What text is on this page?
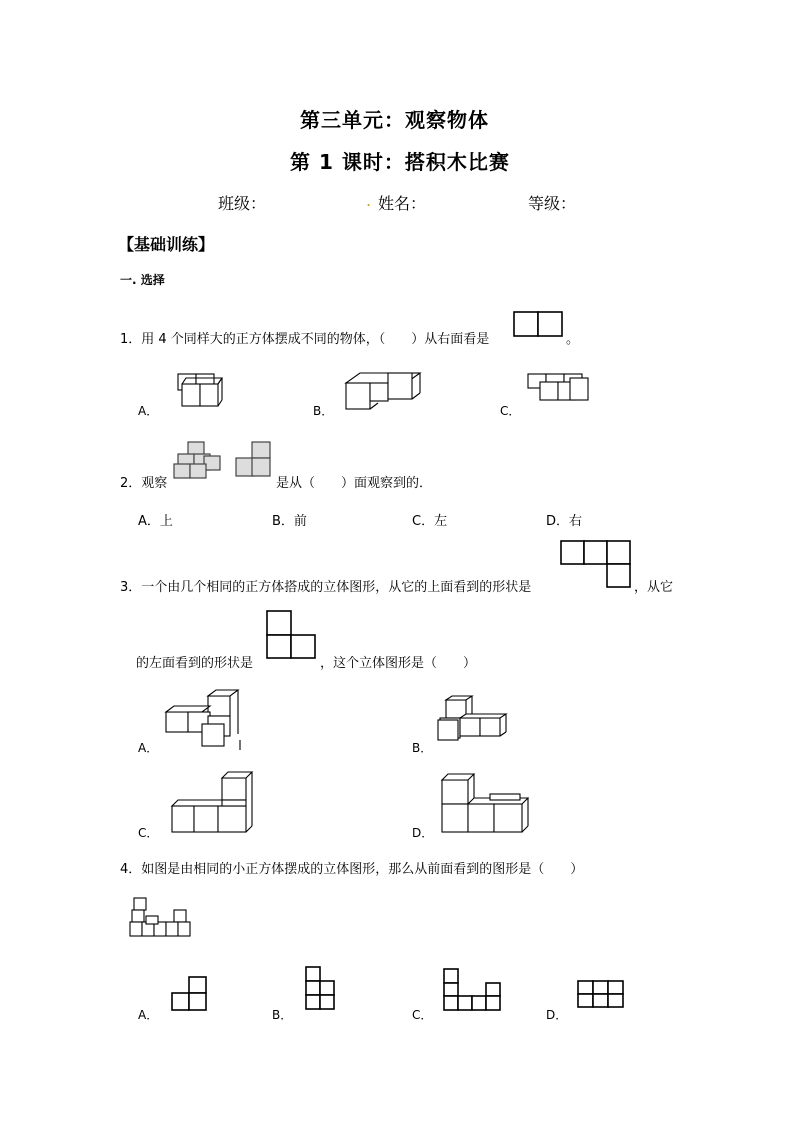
第三单元：观察物体
第 1 课时：搭积木比赛
班级：	. 姓名：	等级：
【基础训练】
一. 选择
1．用 4 个同样大的正方体摆成不同的物体，（　　）从右面看是	。
A．	B．	C．
2．观察	是从（　　）面观察到的．
A．上	B．前	C．左	D．右
3．一个由几个相同的正方体搭成的立体图形，从它的上面看到的形状是	，从它
的左面看到的形状是	，这个立体图形是（　　）
A．	B．
C．	D．
4．如图是由相同的小正方体摆成的立体图形，那么从前面看到的图形是（　　）
A．	B．	C．	D．
